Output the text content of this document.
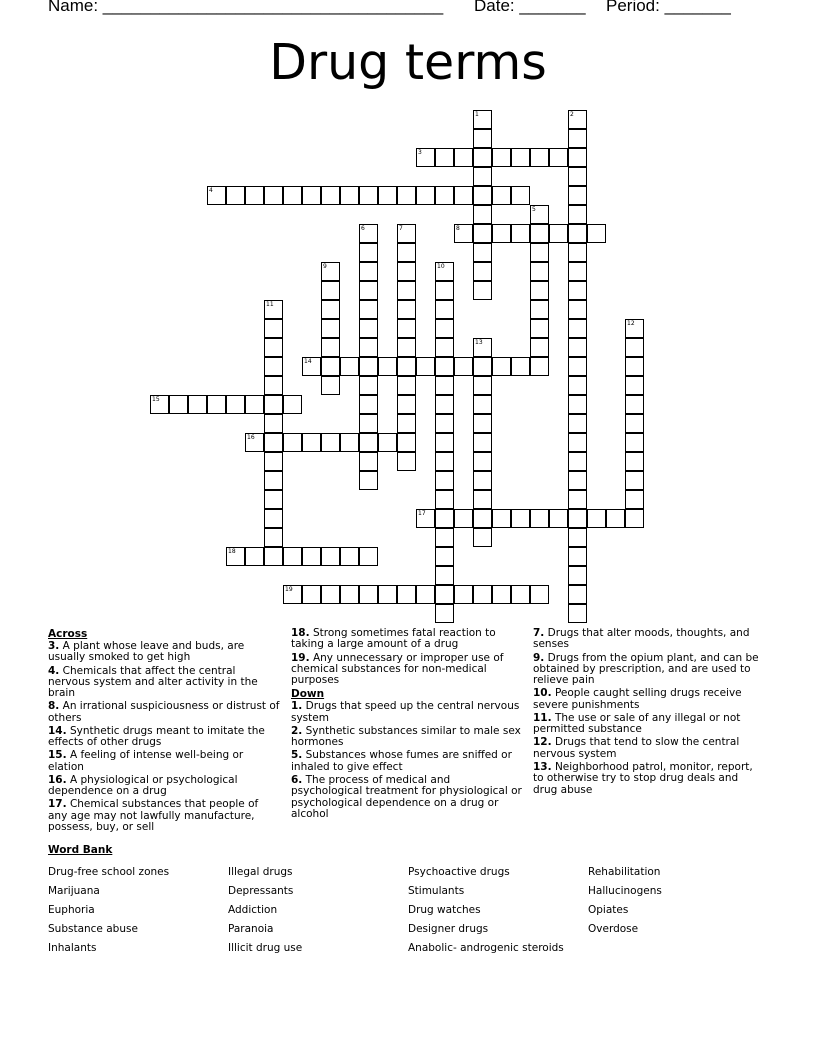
Name: ____________________________________ Date: _______ Period: _______
Drug terms
1	2
3
4
5
6	7	8
9	10
11
12
13
14
15
16
17
18
19
Across
3. A plant whose leave and buds, are usually smoked to get high
4. Chemicals that affect the central nervous system and alter activity in the brain
8. An irrational suspiciousness or distrust of others
14. Synthetic drugs meant to imitate the effects of other drugs
15. A feeling of intense well-being or elation
16. A physiological or psychological dependence on a drug
17. Chemical substances that people of any age may not lawfully manufacture, possess, buy, or sell
18. Strong sometimes fatal reaction to taking a large amount of a drug
19. Any unnecessary or improper use of chemical substances for non-medical purposes
Down
1. Drugs that speed up the central nervous system
2. Synthetic substances similar to male sex hormones
5. Substances whose fumes are sniffed or inhaled to give effect
6. The process of medical and psychological treatment for physiological or psychological dependence on a drug or alcohol
7. Drugs that alter moods, thoughts, and senses
9. Drugs from the opium plant, and can be obtained by prescription, and are used to relieve pain
10. People caught selling drugs receive severe punishments
11. The use or sale of any illegal or not permitted substance
12. Drugs that tend to slow the central nervous system
13. Neighborhood patrol, monitor, report, to otherwise try to stop drug deals and drug abuse
Word Bank
Drug-free school zones
Marijuana
Euphoria
Substance abuse
Inhalants
Illegal drugs
Depressants
Addiction
Paranoia
Illicit drug use
Psychoactive drugs
Stimulants
Drug watches
Designer drugs
Anabolic- androgenic steroids
Rehabilitation
Hallucinogens
Opiates
Overdose
